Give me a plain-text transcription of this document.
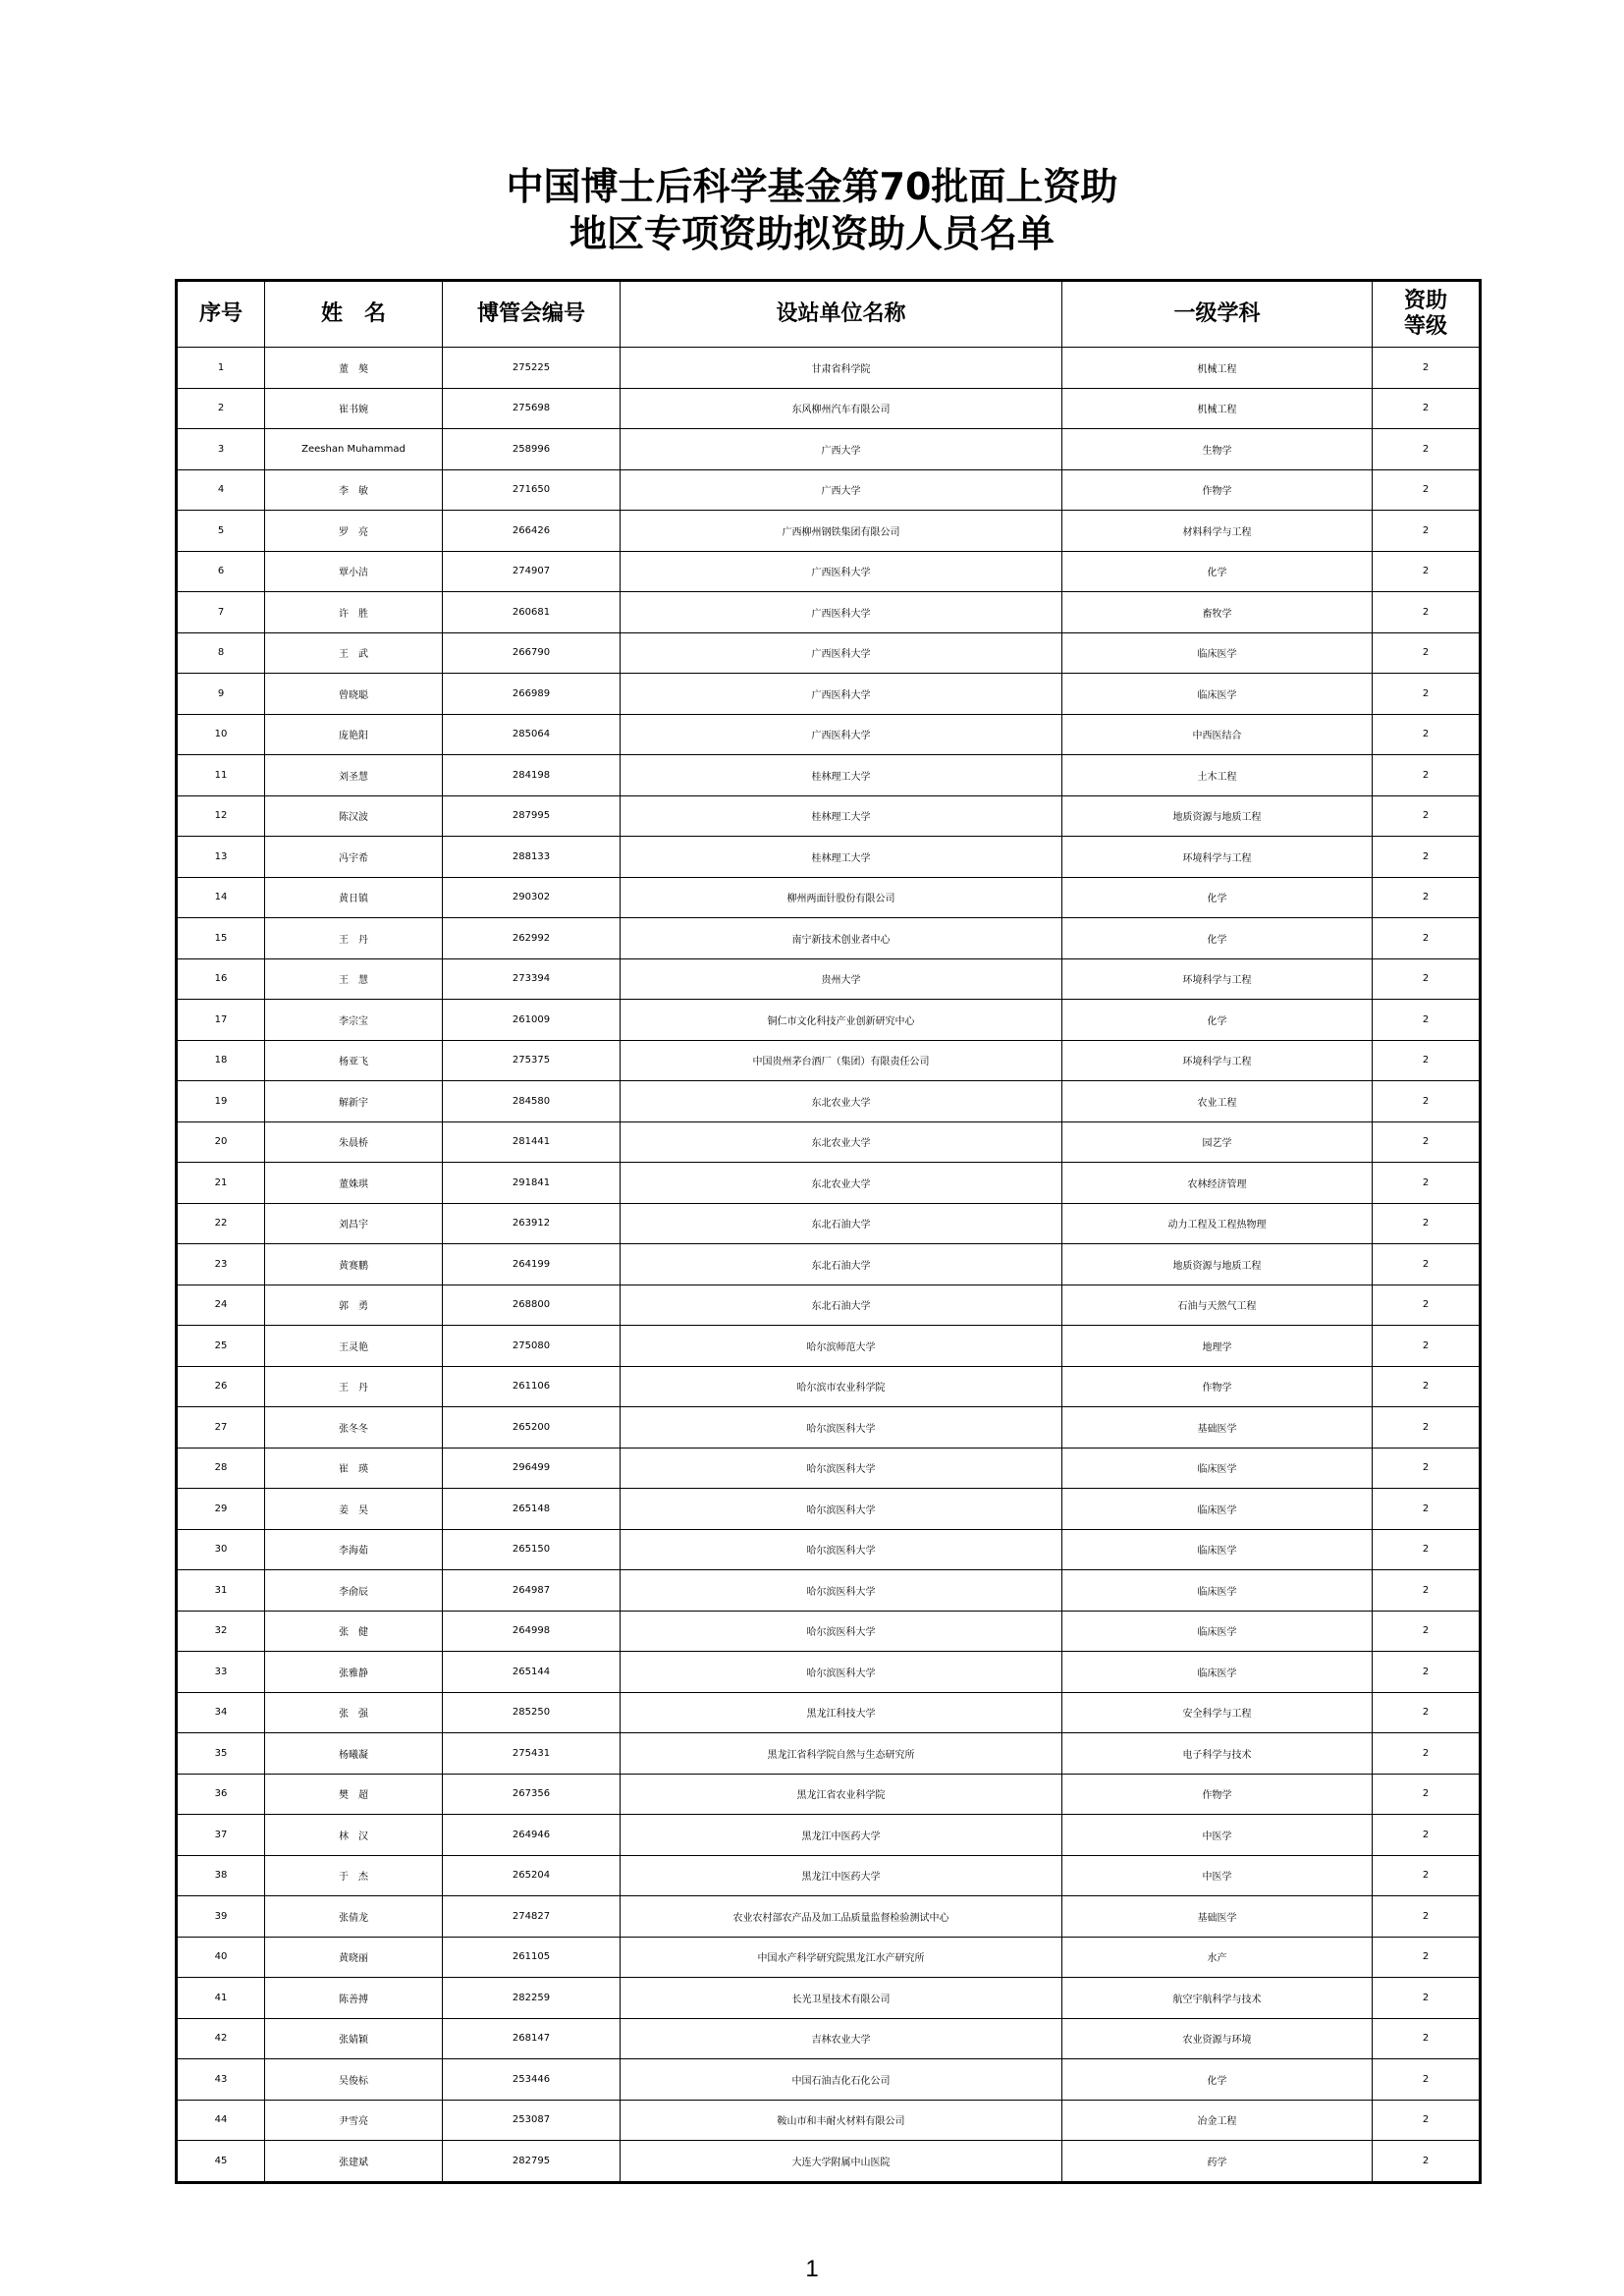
中国博士后科学基金第70批面上资助
地区专项资助拟资助人员名单
序号	姓　名	博管会编号	设站单位名称	一级学科	资助
等级

1	董　獒	275225	甘肃省科学院	机械工程	2
2	崔书婉	275698	东风柳州汽车有限公司	机械工程	2
3	Zeeshan Muhammad	258996	广西大学	生物学	2
4	李　敏	271650	广西大学	作物学	2
5	罗　亮	266426	广西柳州钢铁集团有限公司	材料科学与工程	2
6	覃小洁	274907	广西医科大学	化学	2
7	许　胜	260681	广西医科大学	畜牧学	2
8	王　武	266790	广西医科大学	临床医学	2
9	曾晓聪	266989	广西医科大学	临床医学	2
10	庞艳阳	285064	广西医科大学	中西医结合	2
11	刘圣慧	284198	桂林理工大学	土木工程	2
12	陈汉波	287995	桂林理工大学	地质资源与地质工程	2
13	冯宇希	288133	桂林理工大学	环境科学与工程	2
14	黄日镇	290302	柳州两面针股份有限公司	化学	2
15	王　丹	262992	南宁新技术创业者中心	化学	2
16	王　慧	273394	贵州大学	环境科学与工程	2
17	李宗宝	261009	铜仁市文化科技产业创新研究中心	化学	2
18	杨亚飞	275375	中国贵州茅台酒厂（集团）有限责任公司	环境科学与工程	2
19	解新宇	284580	东北农业大学	农业工程	2
20	朱晨桥	281441	东北农业大学	园艺学	2
21	董姝琪	291841	东北农业大学	农林经济管理	2
22	刘昌宇	263912	东北石油大学	动力工程及工程热物理	2
23	黄赛鹏	264199	东北石油大学	地质资源与地质工程	2
24	郭　勇	268800	东北石油大学	石油与天然气工程	2
25	王灵艳	275080	哈尔滨师范大学	地理学	2
26	王　丹	261106	哈尔滨市农业科学院	作物学	2
27	张冬冬	265200	哈尔滨医科大学	基础医学	2
28	崔　瑛	296499	哈尔滨医科大学	临床医学	2
29	姜　昊	265148	哈尔滨医科大学	临床医学	2
30	李海茹	265150	哈尔滨医科大学	临床医学	2
31	李俞辰	264987	哈尔滨医科大学	临床医学	2
32	张　健	264998	哈尔滨医科大学	临床医学	2
33	张雅静	265144	哈尔滨医科大学	临床医学	2
34	张　强	285250	黑龙江科技大学	安全科学与工程	2
35	杨曦凝	275431	黑龙江省科学院自然与生态研究所	电子科学与技术	2
36	樊　超	267356	黑龙江省农业科学院	作物学	2
37	林　汉	264946	黑龙江中医药大学	中医学	2
38	于　杰	265204	黑龙江中医药大学	中医学	2
39	张倩龙	274827	农业农村部农产品及加工品质量监督检验测试中心	基础医学	2
40	黄晓丽	261105	中国水产科学研究院黑龙江水产研究所	水产	2
41	陈善搏	282259	长光卫星技术有限公司	航空宇航科学与技术	2
42	张婧颖	268147	吉林农业大学	农业资源与环境	2
43	吴俊标	253446	中国石油吉化石化公司	化学	2
44	尹雪亮	253087	鞍山市和丰耐火材料有限公司	冶金工程	2
45	张建斌	282795	大连大学附属中山医院	药学	2
1
